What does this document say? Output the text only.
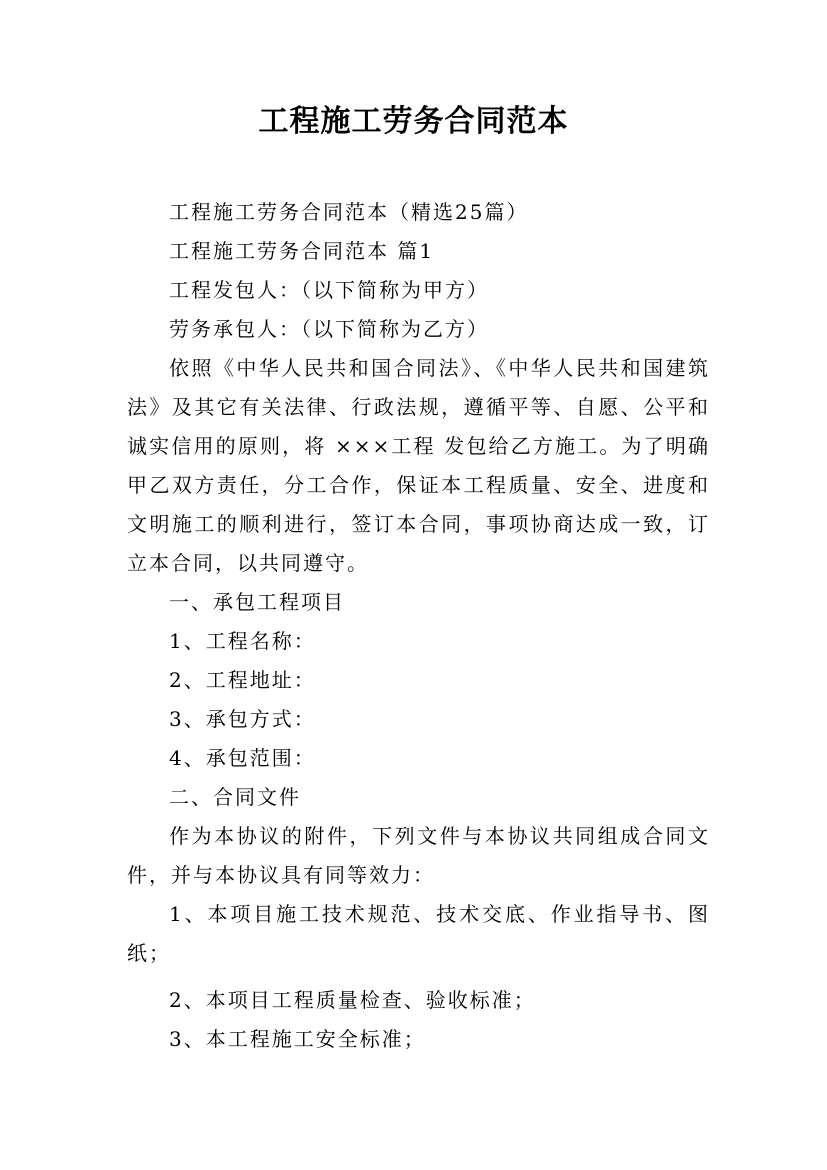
工程施工劳务合同范本

工程施工劳务合同范本（精选25篇）

工程施工劳务合同范本 篇1

工程发包人：（以下简称为甲方）

劳务承包人：（以下简称为乙方）

依照《中华人民共和国合同法》、《中华人民共和国建筑法》及其它有关法律、行政法规，遵循平等、自愿、公平和诚实信用的原则，将 ×××工程 发包给乙方施工。为了明确甲乙双方责任，分工合作，保证本工程质量、安全、进度和文明施工的顺利进行，签订本合同，事项协商达成一致，订立本合同，以共同遵守。

一、承包工程项目

1、工程名称：

2、工程地址：

3、承包方式：

4、承包范围：

二、合同文件

作为本协议的附件，下列文件与本协议共同组成合同文件，并与本协议具有同等效力：

1、本项目施工技术规范、技术交底、作业指导书、图纸；

2、本项目工程质量检查、验收标准；

3、本工程施工安全标准；
